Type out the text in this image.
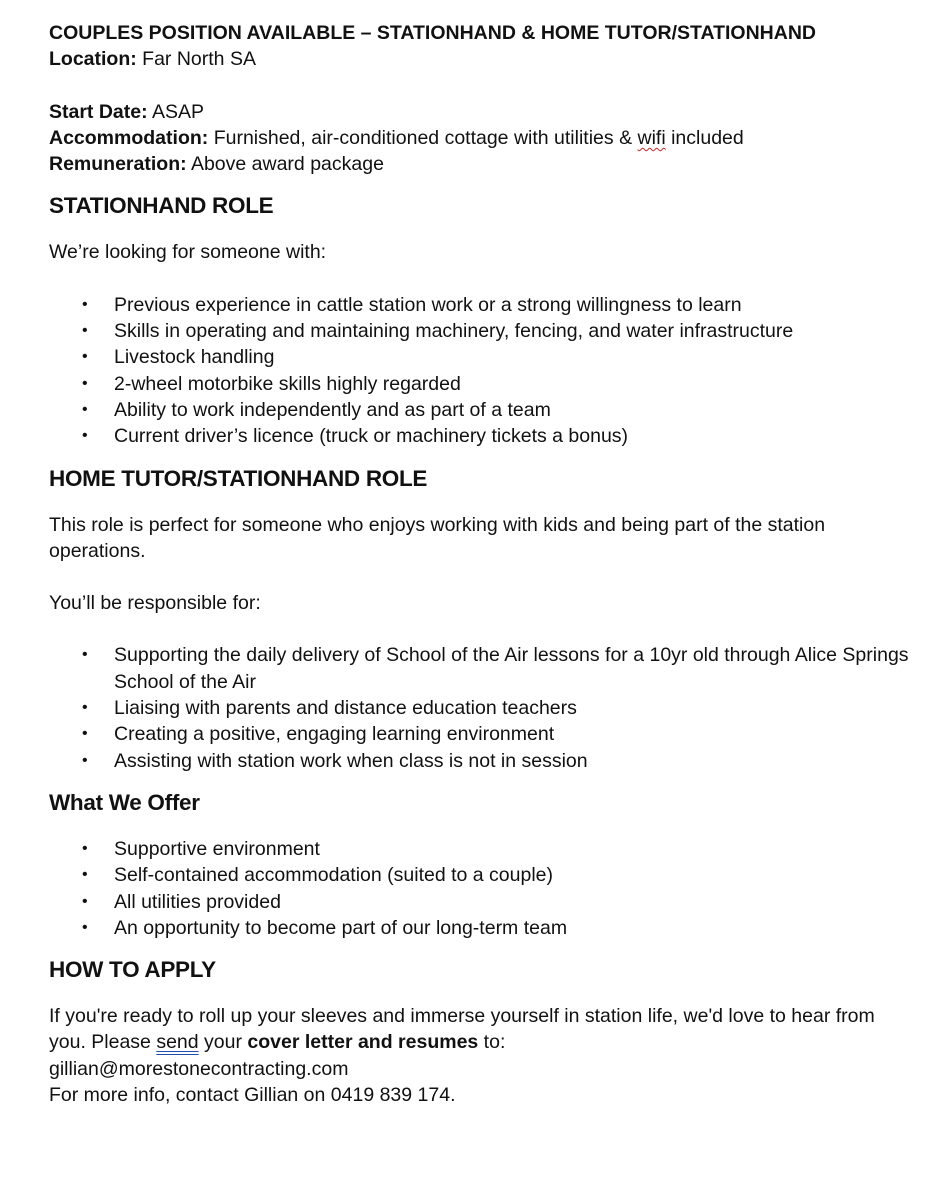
COUPLES POSITION AVAILABLE – STATIONHAND & HOME TUTOR/STATIONHAND

Location: Far North SA

Start Date: ASAP

Accommodation: Furnished, air-conditioned cottage with utilities & wifi included

Remuneration: Above award package

STATIONHAND ROLE

We’re looking for someone with:

• Previous experience in cattle station work or a strong willingness to learn
• Skills in operating and maintaining machinery, fencing, and water infrastructure
• Livestock handling
• 2-wheel motorbike skills highly regarded
• Ability to work independently and as part of a team
• Current driver’s licence (truck or machinery tickets a bonus)

HOME TUTOR/STATIONHAND ROLE

This role is perfect for someone who enjoys working with kids and being part of the station operations.

You’ll be responsible for:

• Supporting the daily delivery of School of the Air lessons for a 10yr old through Alice Springs School of the Air
• Liaising with parents and distance education teachers
• Creating a positive, engaging learning environment
• Assisting with station work when class is not in session

What We Offer

• Supportive environment
• Self-contained accommodation (suited to a couple)
• All utilities provided
• An opportunity to become part of our long-term team

HOW TO APPLY

If you're ready to roll up your sleeves and immerse yourself in station life, we'd love to hear from you. Please send your cover letter and resumes to:

gillian@morestonecontracting.com

For more info, contact Gillian on 0419 839 174.
